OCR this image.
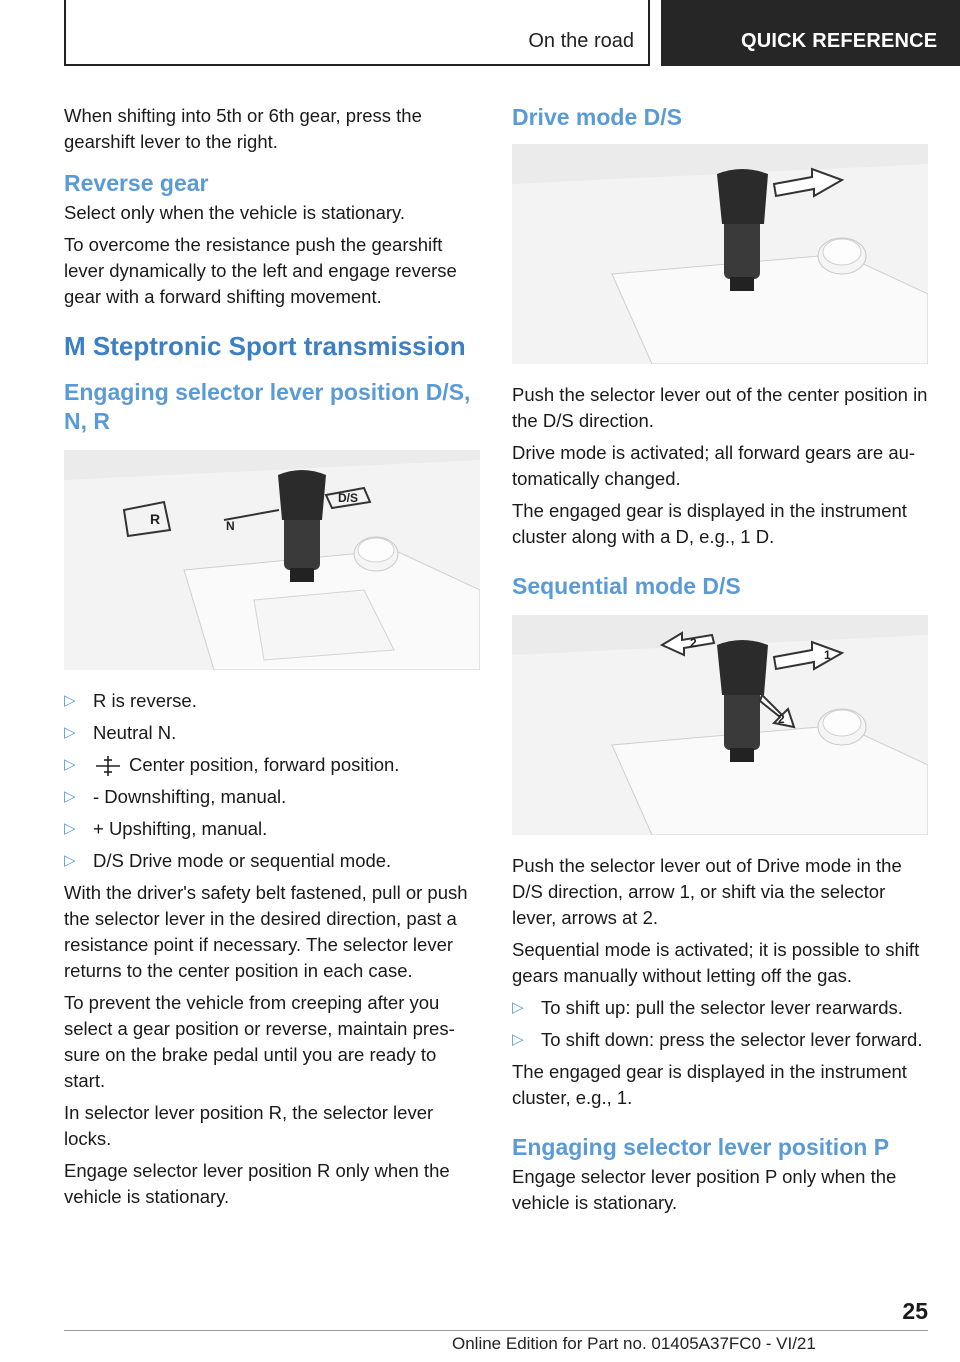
On the road	QUICK REFERENCE

When shifting into 5th or 6th gear, press the gearshift lever to the right.

Reverse gear

Select only when the vehicle is stationary.

To overcome the resistance push the gearshift lever dynamically to the left and engage reverse gear with a forward shifting movement.

M Steptronic Sport transmission
Engaging selector lever position D/S, N, R
R	N
D/S
▷ R is reverse.
▷ Neutral N.
▷	Center position, forward position.
▷ - Downshifting, manual.
▷ + Upshifting, manual.
▷ D/S Drive mode or sequential mode.

With the driver's safety belt fastened, pull or push the selector lever in the desired direction, past a resistance point if necessary. The selector lever returns to the center position in each case.

To prevent the vehicle from creeping after you select a gear position or reverse, maintain pressure on the brake pedal until you are ready to start.

In selector lever position R, the selector lever locks.

Engage selector lever position R only when the vehicle is stationary.

Drive mode D/S

Push the selector lever out of the center position in the D/S direction.

Drive mode is activated; all forward gears are automatically changed.

The engaged gear is displayed in the instrument cluster along with a D, e.g., 1 D.

Sequential mode D/S
1
2
2

Push the selector lever out of Drive mode in the D/S direction, arrow 1, or shift via the selector lever, arrows at 2.

Sequential mode is activated; it is possible to shift gears manually without letting off the gas.

▷ To shift up: pull the selector lever rearwards.
▷ To shift down: press the selector lever forward.

The engaged gear is displayed in the instrument cluster, e.g., 1.

Engaging selector lever position P

Engage selector lever position P only when the vehicle is stationary.

25
Online Edition for Part no. 01405A37FC0 - VI/21
